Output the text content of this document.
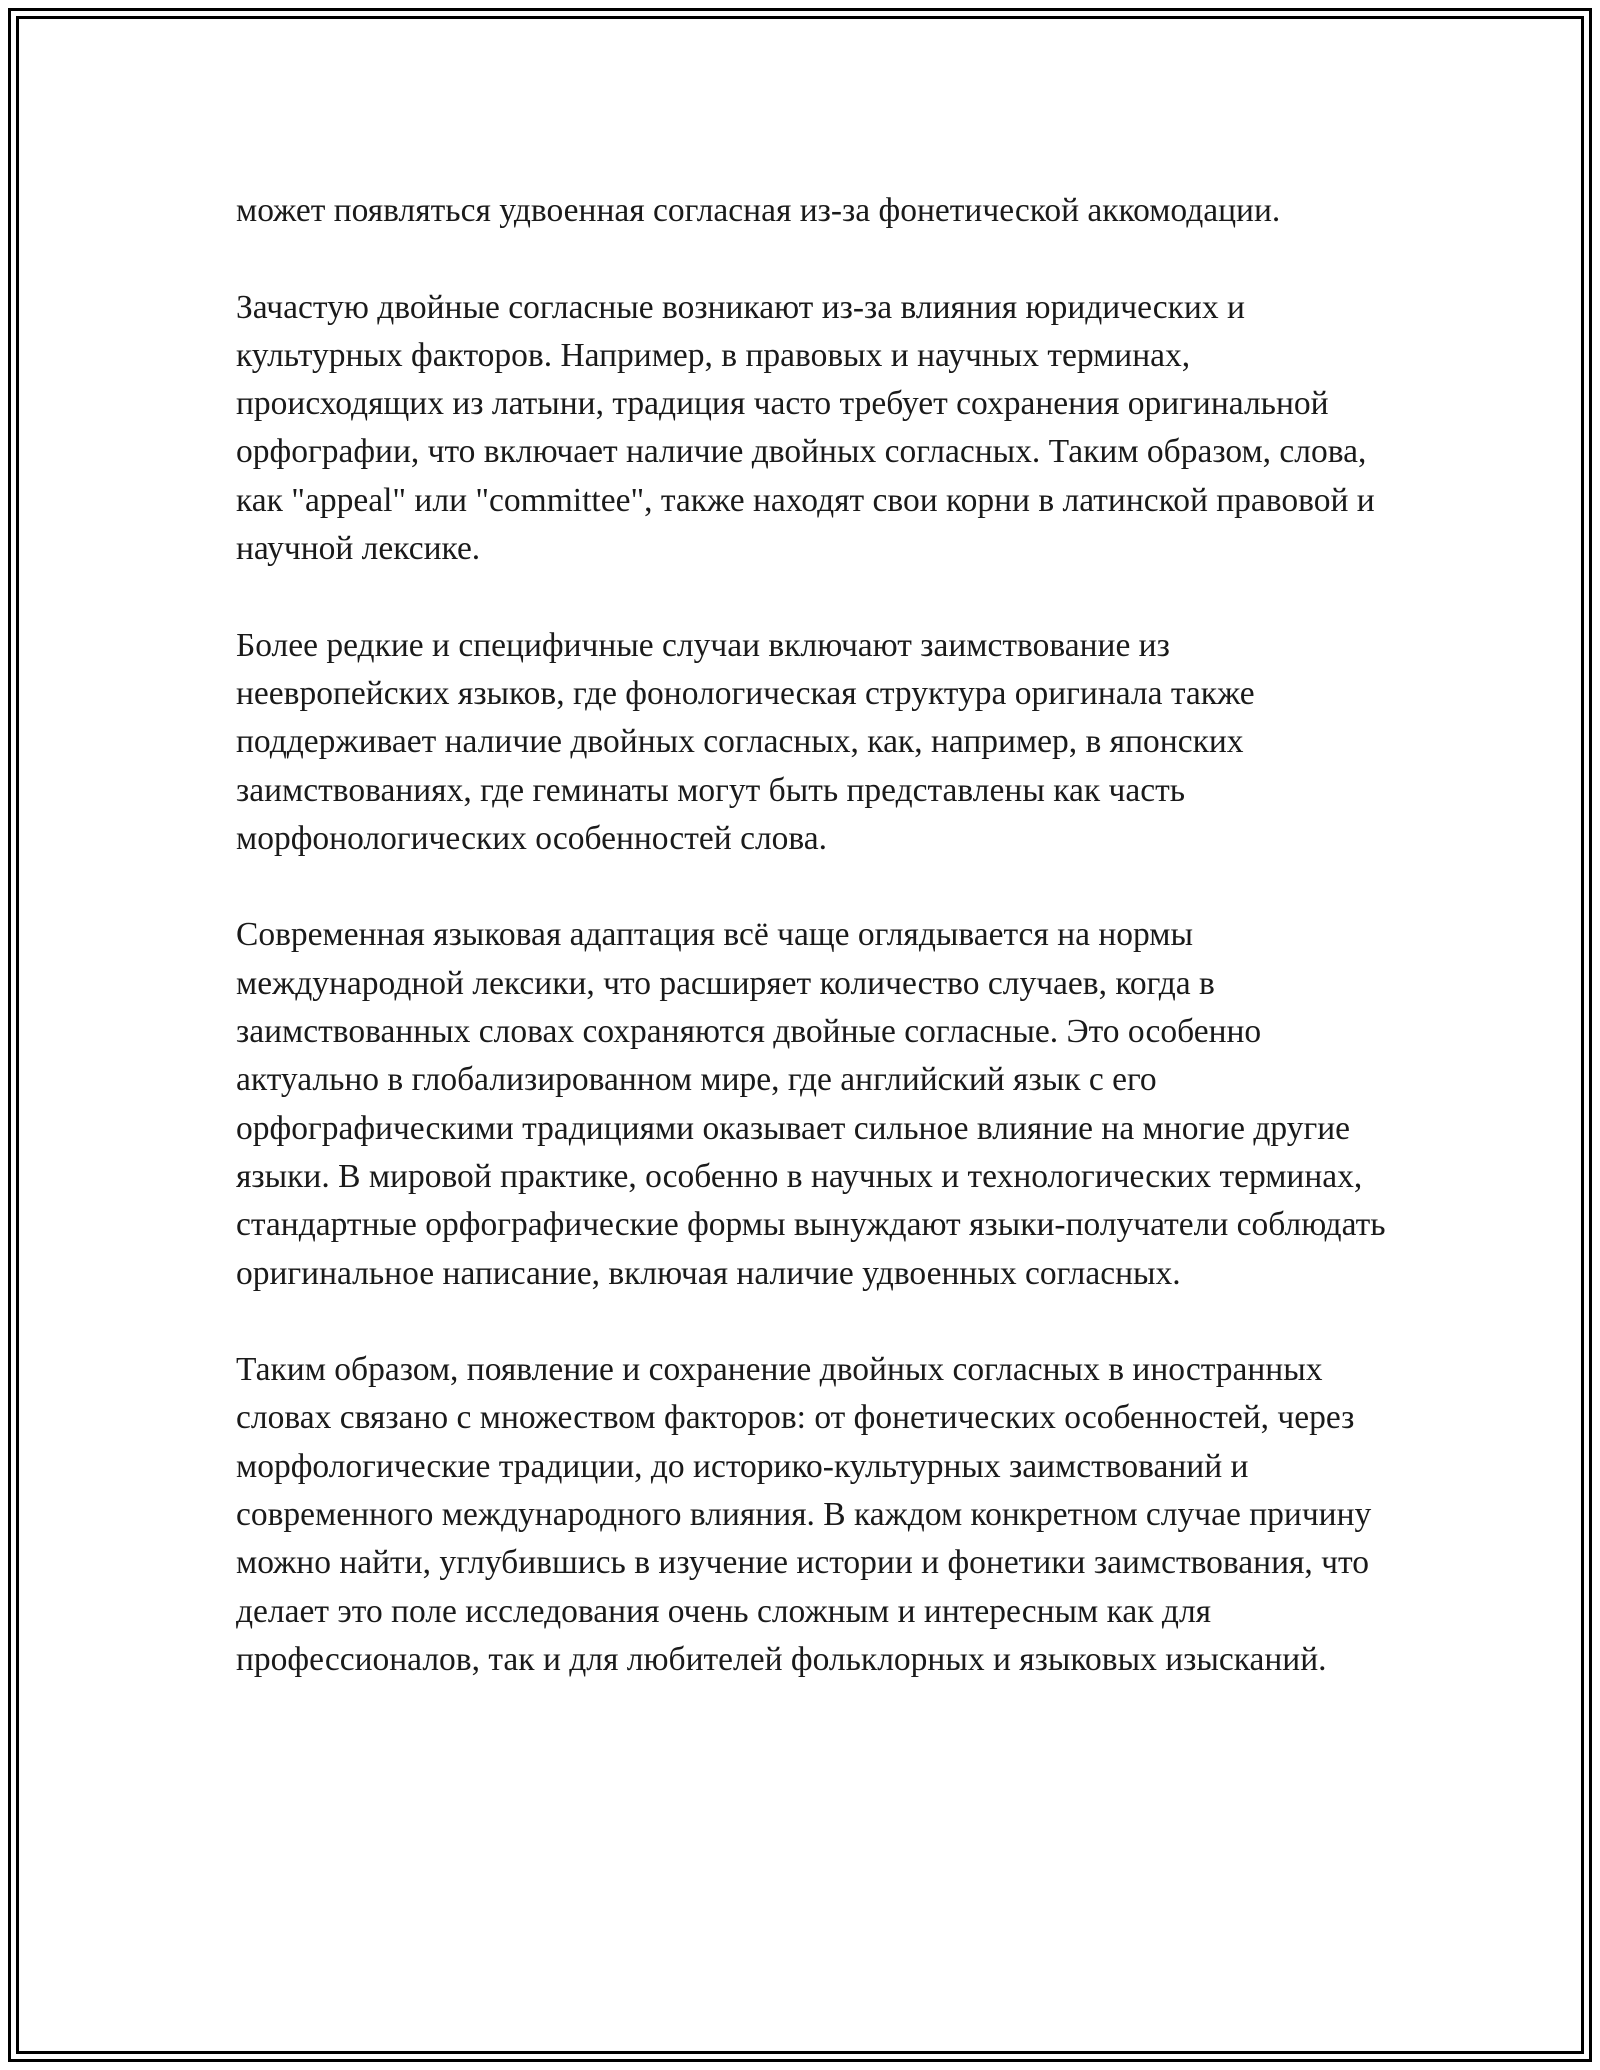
может появляться удвоенная согласная из-за фонетической аккомодации.

Зачастую двойные согласные возникают из-за влияния юридических и культурных факторов. Например, в правовых и научных терминах, происходящих из латыни, традиция часто требует сохранения оригинальной орфографии, что включает наличие двойных согласных. Таким образом, слова, как "appeal" или "committee", также находят свои корни в латинской правовой и научной лексике.

Более редкие и специфичные случаи включают заимствование из неевропейских языков, где фонологическая структура оригинала также поддерживает наличие двойных согласных, как, например, в японских заимствованиях, где геминаты могут быть представлены как часть морфонологических особенностей слова.

Современная языковая адаптация всё чаще оглядывается на нормы международной лексики, что расширяет количество случаев, когда в заимствованных словах сохраняются двойные согласные. Это особенно актуально в глобализированном мире, где английский язык с его орфографическими традициями оказывает сильное влияние на многие другие языки. В мировой практике, особенно в научных и технологических терминах, стандартные орфографические формы вынуждают языки-получатели соблюдать оригинальное написание, включая наличие удвоенных согласных.

Таким образом, появление и сохранение двойных согласных в иностранных словах связано с множеством факторов: от фонетических особенностей, через морфологические традиции, до историко-культурных заимствований и современного международного влияния. В каждом конкретном случае причину можно найти, углубившись в изучение истории и фонетики заимствования, что делает это поле исследования очень сложным и интересным как для профессионалов, так и для любителей фольклорных и языковых изысканий.
